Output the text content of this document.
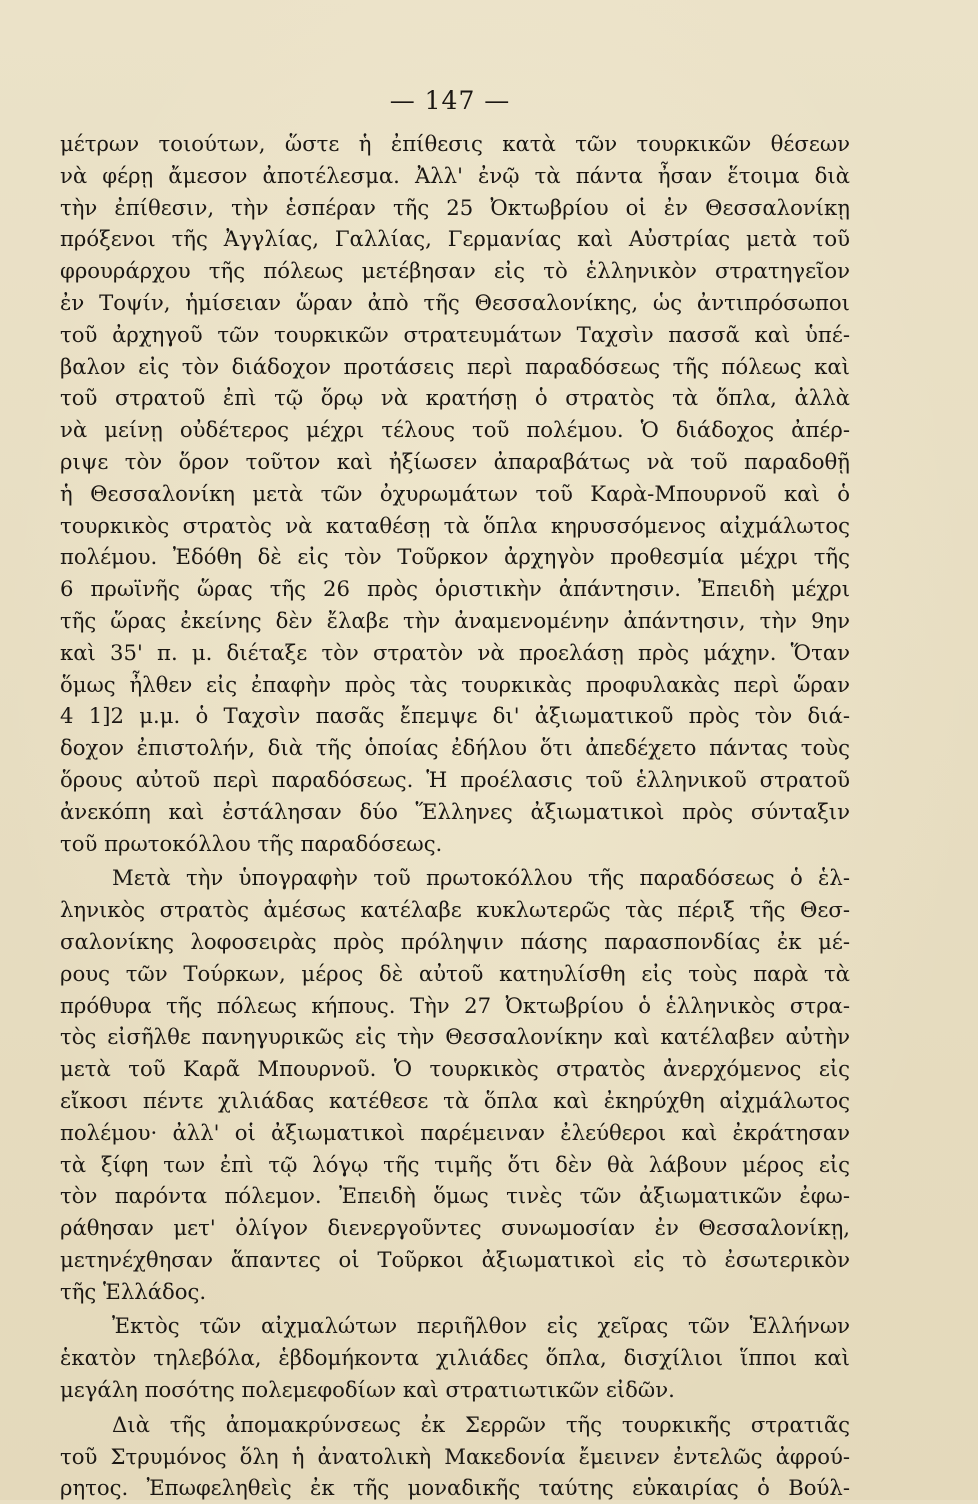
— 147 —

μέτρων τοιούτων, ὥστε ἡ ἐπίθεσις κατὰ τῶν τουρκικῶν θέσεων
νὰ φέρῃ ἄμεσον ἀποτέλεσμα. Ἀλλ' ἐνῷ τὰ πάντα ἦσαν ἕτοιμα διὰ
τὴν ἐπίθεσιν, τὴν ἑσπέραν τῆς 25 Ὀκτωβρίου οἱ ἐν Θεσσαλονίκῃ
πρόξενοι τῆς Ἀγγλίας, Γαλλίας, Γερμανίας καὶ Αὐστρίας μετὰ τοῦ
φρουράρχου τῆς πόλεως μετέβησαν εἰς τὸ ἑλληνικὸν στρατηγεῖον
ἐν Τοψίν, ἡμίσειαν ὥραν ἀπὸ τῆς Θεσσαλονίκης, ὡς ἀντιπρόσωποι
τοῦ ἀρχηγοῦ τῶν τουρκικῶν στρατευμάτων Ταχσὶν πασσᾶ καὶ ὑπέ-
βαλον εἰς τὸν διάδοχον προτάσεις περὶ παραδόσεως τῆς πόλεως καὶ
τοῦ στρατοῦ ἐπὶ τῷ ὅρῳ νὰ κρατήσῃ ὁ στρατὸς τὰ ὅπλα, ἀλλὰ
νὰ μείνῃ οὐδέτερος μέχρι τέλους τοῦ πολέμου. Ὁ διάδοχος ἀπέρ-
ριψε τὸν ὅρον τοῦτον καὶ ἠξίωσεν ἀπαραβάτως νὰ τοῦ παραδοθῇ
ἡ Θεσσαλονίκη μετὰ τῶν ὀχυρωμάτων τοῦ Καρὰ-Μπουρνοῦ καὶ ὁ
τουρκικὸς στρατὸς νὰ καταθέσῃ τὰ ὅπλα κηρυσσόμενος αἰχμάλωτος
πολέμου. Ἐδόθη δὲ εἰς τὸν Τοῦρκον ἀρχηγὸν προθεσμία μέχρι τῆς
6 πρωϊνῆς ὥρας τῆς 26 πρὸς ὁριστικὴν ἀπάντησιν. Ἐπειδὴ μέχρι
τῆς ὥρας ἐκείνης δὲν ἔλαβε τὴν ἀναμενομένην ἀπάντησιν, τὴν 9ην
καὶ 35' π. μ. διέταξε τὸν στρατὸν νὰ προελάσῃ πρὸς μάχην. Ὅταν
ὅμως ἦλθεν εἰς ἐπαφὴν πρὸς τὰς τουρκικὰς προφυλακὰς περὶ ὥραν
4 1]2 μ.μ. ὁ Ταχσὶν πασᾶς ἔπεμψε δι' ἀξιωματικοῦ πρὸς τὸν διά-
δοχον ἐπιστολήν, διὰ τῆς ὁποίας ἐδήλου ὅτι ἀπεδέχετο πάντας τοὺς
ὅρους αὐτοῦ περὶ παραδόσεως. Ἡ προέλασις τοῦ ἑλληνικοῦ στρατοῦ
ἀνεκόπη καὶ ἐστάλησαν δύο Ἕλληνες ἀξιωματικοὶ πρὸς σύνταξιν
τοῦ πρωτοκόλλου τῆς παραδόσεως.

Μετὰ τὴν ὑπογραφὴν τοῦ πρωτοκόλλου τῆς παραδόσεως ὁ ἑλ-
ληνικὸς στρατὸς ἀμέσως κατέλαβε κυκλωτερῶς τὰς πέριξ τῆς Θεσ-
σαλονίκης λοφοσειρὰς πρὸς πρόληψιν πάσης παρασπονδίας ἐκ μέ-
ρους τῶν Τούρκων, μέρος δὲ αὐτοῦ κατηυλίσθη εἰς τοὺς παρὰ τὰ
πρόθυρα τῆς πόλεως κήπους. Τὴν 27 Ὀκτωβρίου ὁ ἑλληνικὸς στρα-
τὸς εἰσῆλθε πανηγυρικῶς εἰς τὴν Θεσσαλονίκην καὶ κατέλαβεν αὐτὴν
μετὰ τοῦ Καρᾶ Μπουρνοῦ. Ὁ τουρκικὸς στρατὸς ἀνερχόμενος εἰς
εἴκοσι πέντε χιλιάδας κατέθεσε τὰ ὅπλα καὶ ἐκηρύχθη αἰχμάλωτος
πολέμου· ἀλλ' οἱ ἀξιωματικοὶ παρέμειναν ἐλεύθεροι καὶ ἐκράτησαν
τὰ ξίφη των ἐπὶ τῷ λόγῳ τῆς τιμῆς ὅτι δὲν θὰ λάβουν μέρος εἰς
τὸν παρόντα πόλεμον. Ἐπειδὴ ὅμως τινὲς τῶν ἀξιωματικῶν ἐφω-
ράθησαν μετ' ὀλίγον διενεργοῦντες συνωμοσίαν ἐν Θεσσαλονίκῃ,
μετηνέχθησαν ἅπαντες οἱ Τοῦρκοι ἀξιωματικοὶ εἰς τὸ ἐσωτερικὸν
τῆς Ἑλλάδος.

Ἐκτὸς τῶν αἰχμαλώτων περιῆλθον εἰς χεῖρας τῶν Ἑλλήνων
ἑκατὸν τηλεβόλα, ἑβδομήκοντα χιλιάδες ὅπλα, δισχίλιοι ἵπποι καὶ
μεγάλη ποσότης πολεμεφοδίων καὶ στρατιωτικῶν εἰδῶν.

Διὰ τῆς ἀπομακρύνσεως ἐκ Σερρῶν τῆς τουρκικῆς στρατιᾶς
τοῦ Στρυμόνος ὅλη ἡ ἀνατολικὴ Μακεδονία ἔμεινεν ἐντελῶς ἀφρού-
ρητος. Ἐπωφεληθεὶς ἐκ τῆς μοναδικῆς ταύτης εὐκαιρίας ὁ Βούλ-
